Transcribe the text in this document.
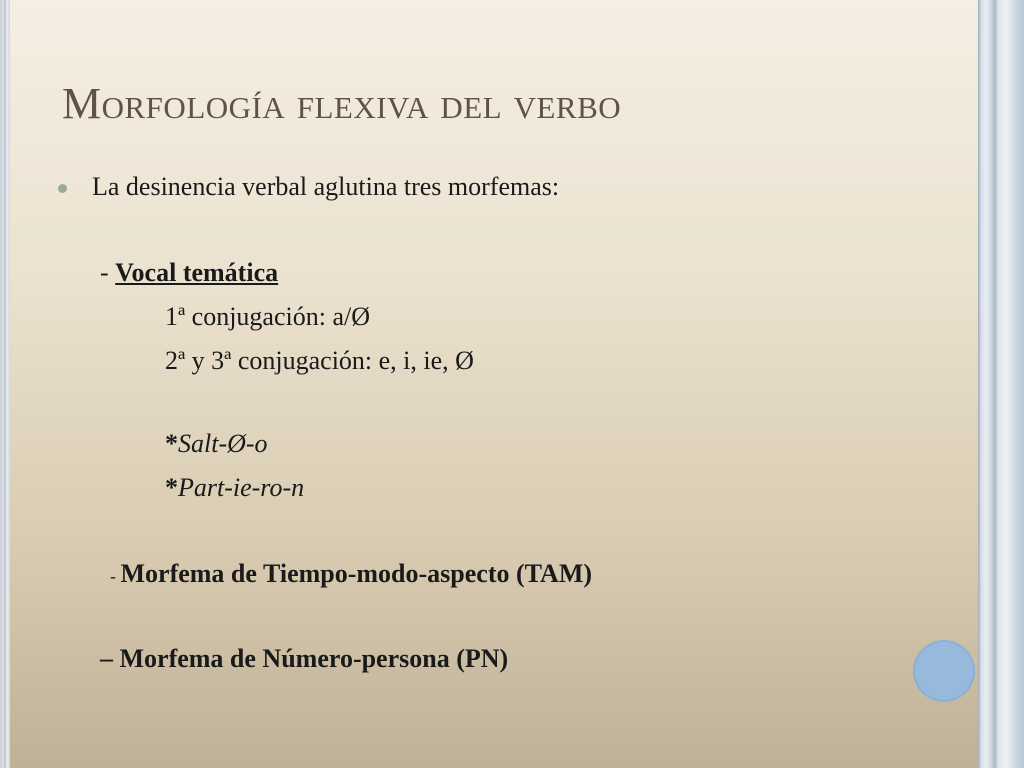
Morfología flexiva del verbo
La desinencia verbal aglutina tres morfemas:
- Vocal temática
1ª conjugación: a/Ø
2ª y 3ª conjugación: e, i, ie, Ø
*Salt-Ø-o
*Part-ie-ro-n
- Morfema de Tiempo-modo-aspecto (TAM)
– Morfema de Número-persona (PN)
